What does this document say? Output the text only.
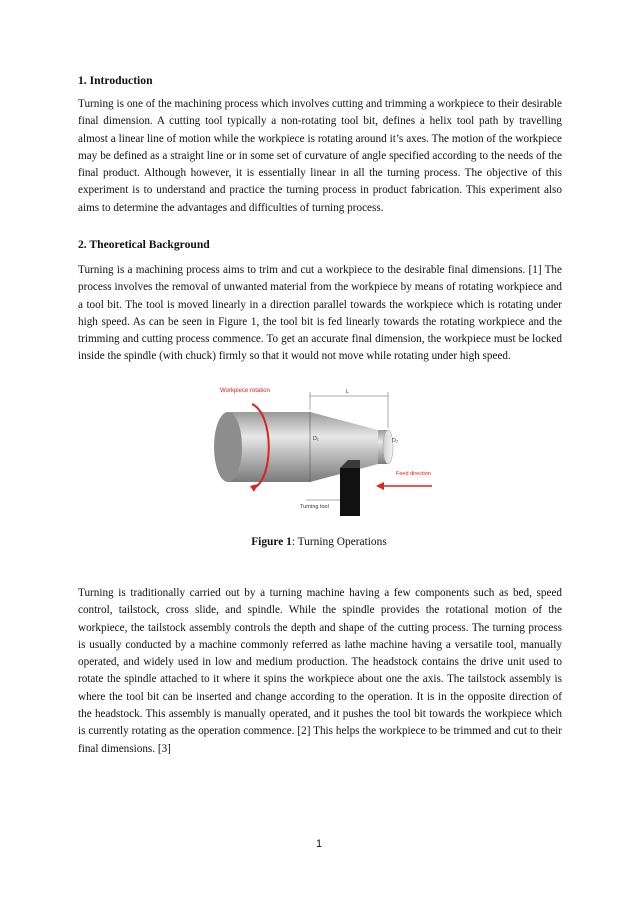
1. Introduction

Turning is one of the machining process which involves cutting and trimming a workpiece to their desirable final dimension. A cutting tool typically a non-rotating tool bit, defines a helix tool path by travelling almost a linear line of motion while the workpiece is rotating around it’s axes. The motion of the workpiece may be defined as a straight line or in some set of curvature of angle specified according to the needs of the final product. Although however, it is essentially linear in all the turning process. The objective of this experiment is to understand and practice the turning process in product fabrication. This experiment also aims to determine the advantages and difficulties of turning process.

2. Theoretical Background

Turning is a machining process aims to trim and cut a workpiece to the desirable final dimensions. [1] The process involves the removal of unwanted material from the workpiece by means of rotating workpiece and a tool bit. The tool is moved linearly in a direction parallel towards the workpiece which is rotating under high speed. As can be seen in Figure 1, the tool bit is fed linearly towards the rotating workpiece and the trimming and cutting process commence. To get an accurate final dimension, the workpiece must be locked inside the spindle (with chuck) firmly so that it would not move while rotating under high speed.

D₁	D₂
L
Workpiece rotation
Turning tool
Feed direction
Figure 1: Turning Operations

Turning is traditionally carried out by a turning machine having a few components such as bed, speed control, tailstock, cross slide, and spindle. While the spindle provides the rotational motion of the workpiece, the tailstock assembly controls the depth and shape of the cutting process. The turning process is usually conducted by a machine commonly referred as lathe machine having a versatile tool, manually operated, and widely used in low and medium production. The headstock contains the drive unit used to rotate the spindle attached to it where it spins the workpiece about one the axis. The tailstock assembly is where the tool bit can be inserted and change according to the operation. It is in the opposite direction of the headstock. This assembly is manually operated, and it pushes the tool bit towards the workpiece which is currently rotating as the operation commence. [2] This helps the workpiece to be trimmed and cut to their final dimensions. [3]

1
